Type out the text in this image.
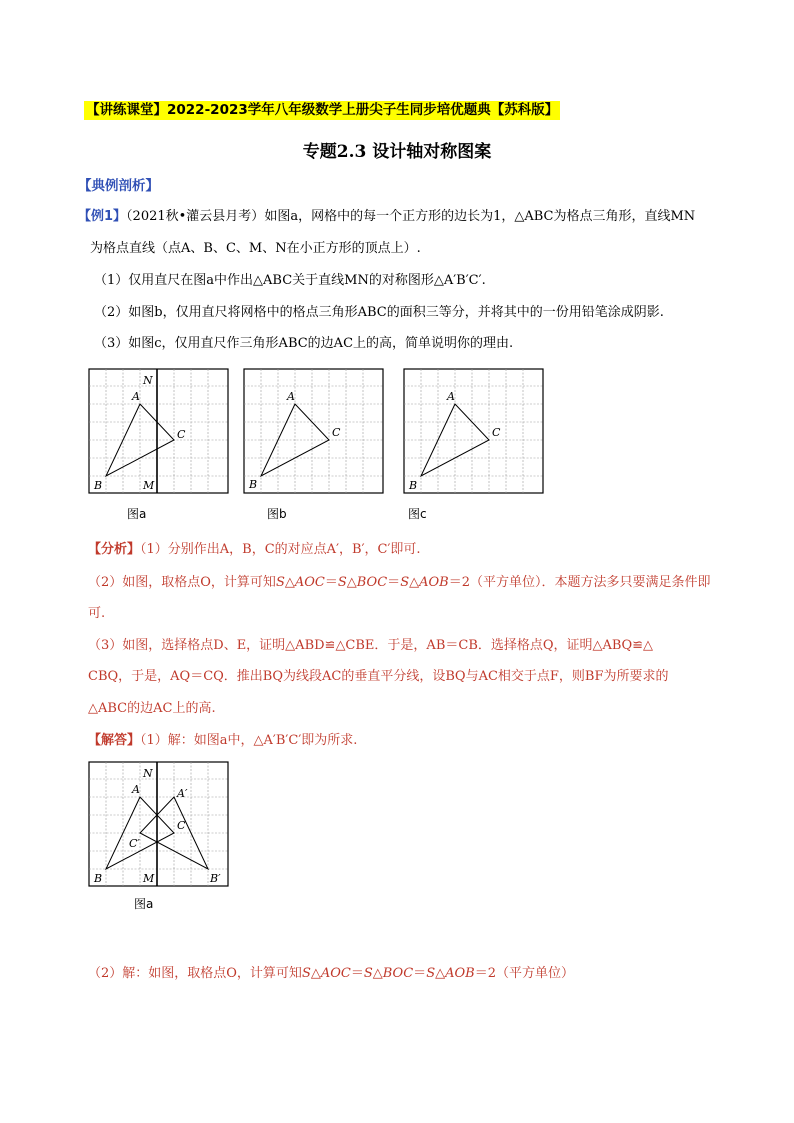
【讲练课堂】2022-2023学年八年级数学上册尖子生同步培优题典【苏科版】
专题2.3 设计轴对称图案
【典例剖析】
【例1】（2021秋•灌云县月考）如图a，网格中的每一个正方形的边长为1，△ABC为格点三角形，直线MN
为格点直线（点A、B、C、M、N在小正方形的顶点上）.
（1）仅用直尺在图a中作出△ABC关于直线MN的对称图形△A′B′C′.
（2）如图b，仅用直尺将网格中的格点三角形ABC的面积三等分，并将其中的一份用铅笔涂成阴影.
（3）如图c，仅用直尺作三角形ABC的边AC上的高，简单说明你的理由.
N
A
C
B	M
图a
A
C
B
图b
A
C
B
图c
【分析】（1）分别作出A，B，C的对应点A′，B′，C′即可.
（2）如图，取格点O，计算可知S△AOC＝S△BOC＝S△AOB＝2（平方单位）．本题方法多只要满足条件即
可.
（3）如图，选择格点D、E，证明△ABD≌△CBE．于是，AB＝CB．选择格点Q，证明△ABQ≌△
CBQ，于是，AQ＝CQ．推出BQ为线段AC的垂直平分线，设BQ与AC相交于点F，则BF为所要求的
△ABC的边AC上的高.
【解答】（1）解：如图a中，△A′B′C′即为所求.
N
A	A′
C
C′
B	M	B′
图a
（2）解：如图，取格点O，计算可知S△AOC＝S△BOC＝S△AOB＝2（平方单位）
